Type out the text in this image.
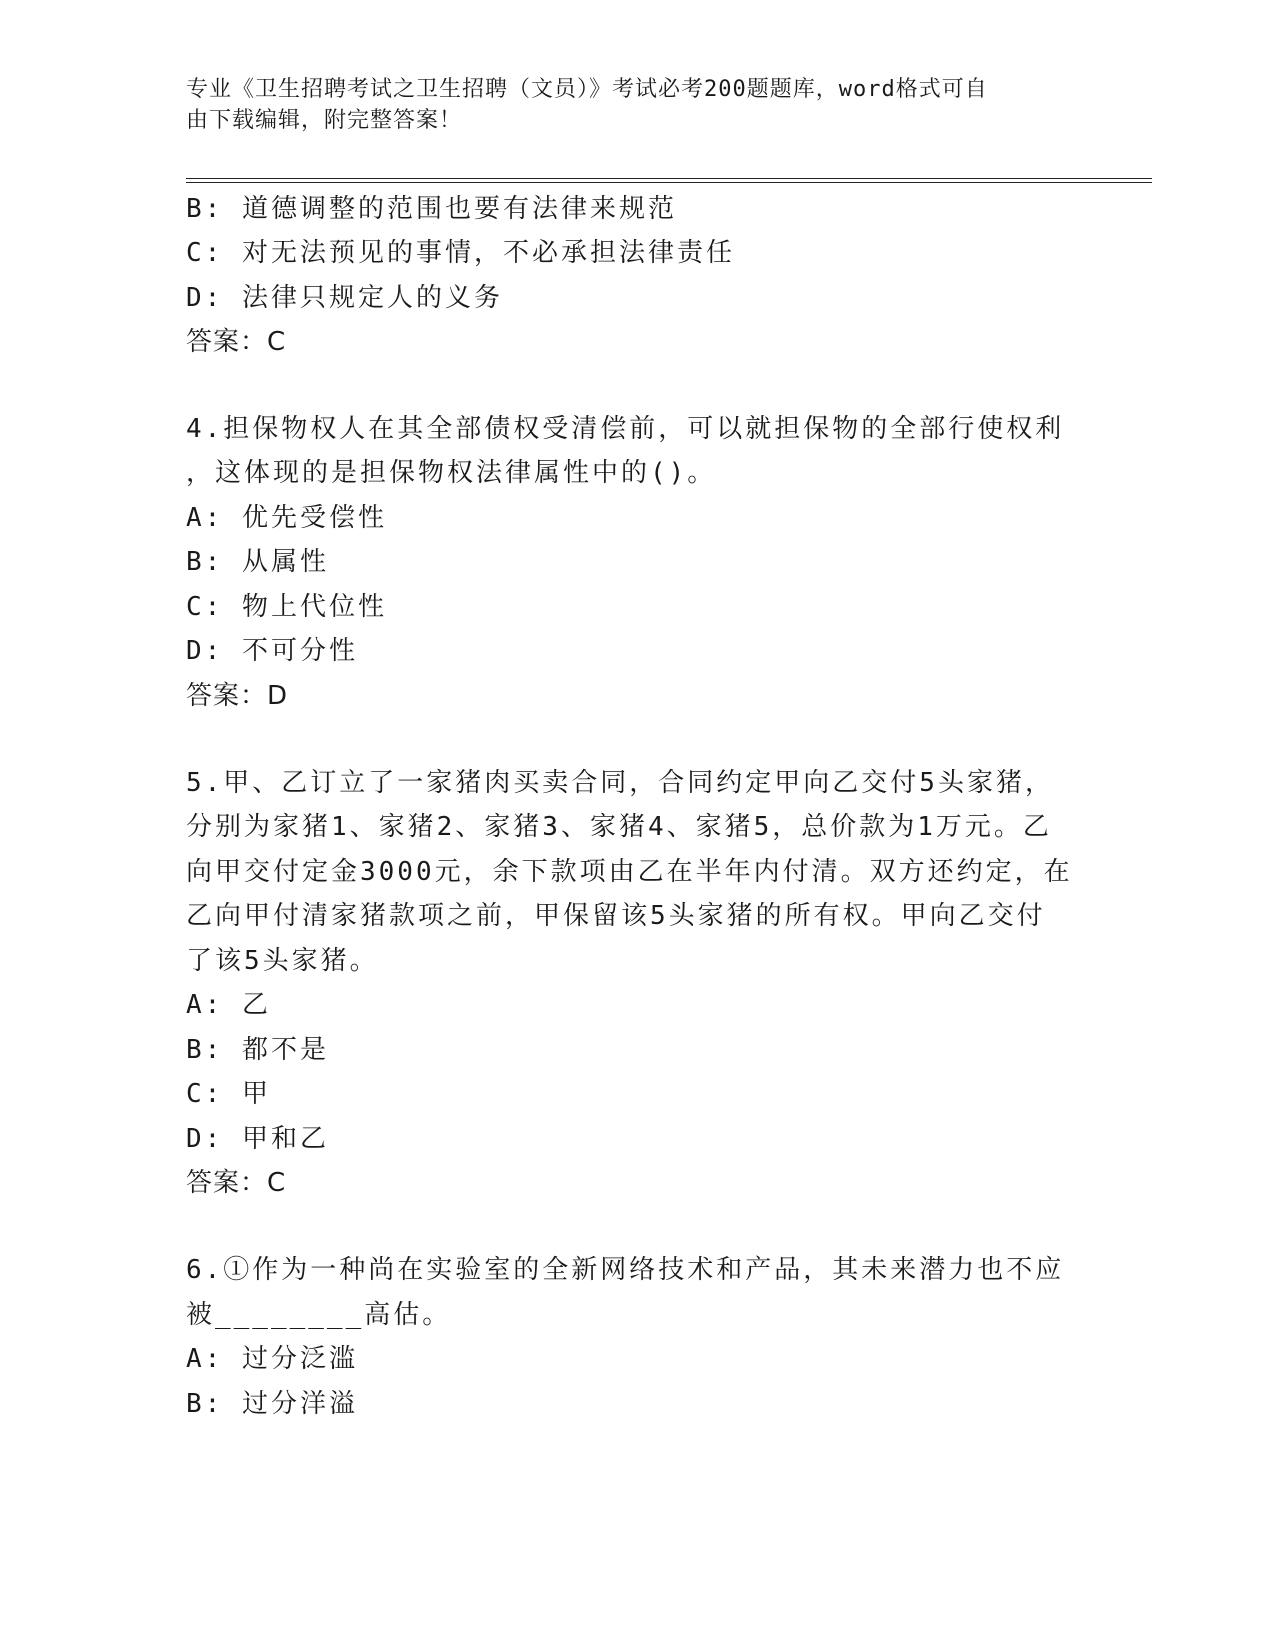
专业《卫生招聘考试之卫生招聘（文员）》考试必考200题题库，word格式可自
由下载编辑，附完整答案！
B: 道德调整的范围也要有法律来规范
C: 对无法预见的事情，不必承担法律责任
D: 法律只规定人的义务
答案：C
4.担保物权人在其全部债权受清偿前，可以就担保物的全部行使权利
，这体现的是担保物权法律属性中的()。
A: 优先受偿性
B: 从属性
C: 物上代位性
D: 不可分性
答案：D
5.甲、乙订立了一家猪肉买卖合同，合同约定甲向乙交付5头家猪，
分别为家猪1、家猪2、家猪3、家猪4、家猪5，总价款为1万元。乙
向甲交付定金3000元，余下款项由乙在半年内付清。双方还约定，在
乙向甲付清家猪款项之前，甲保留该5头家猪的所有权。甲向乙交付
了该5头家猪。
A: 乙
B: 都不是
C: 甲
D: 甲和乙
答案：C
6.①作为一种尚在实验室的全新网络技术和产品，其未来潜力也不应
被________高估。
A: 过分泛滥
B: 过分洋溢
